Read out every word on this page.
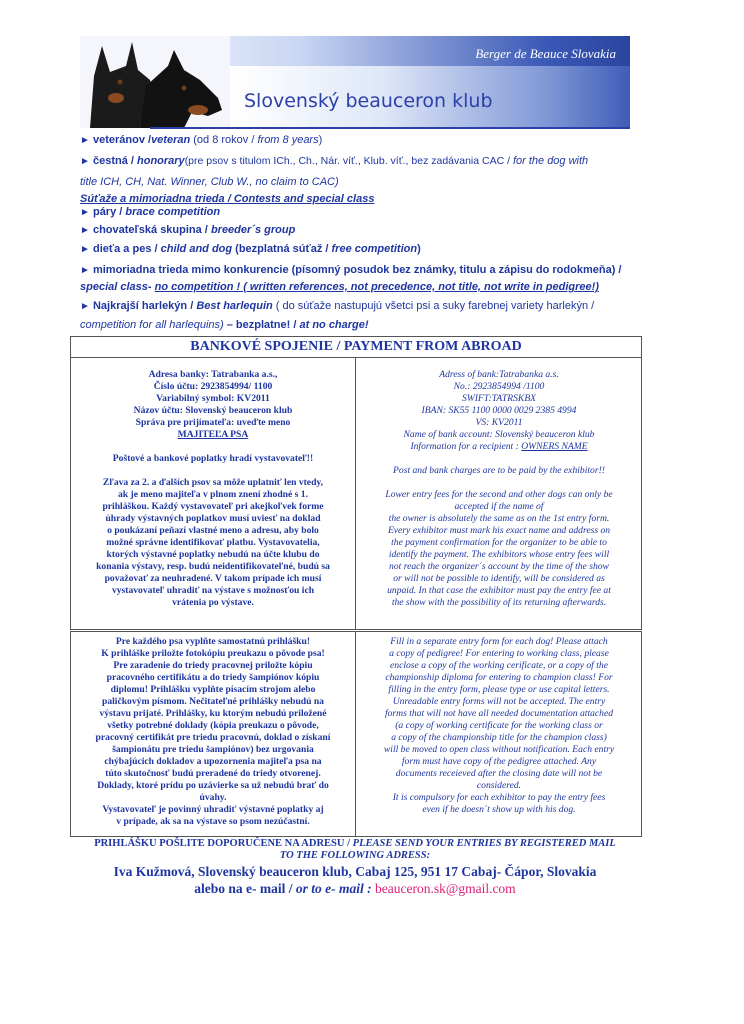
Berger de Beauce Slovakia
Slovenský beauceron klub
► veteránov /veteran (od 8 rokov / from 8 years)
► čestná / honorary(pre psov s titulom ICh., Ch., Nár. víť., Klub. víť., bez zadávania CAC / for the dog with
title ICH, CH, Nat. Winner, Club W., no claim to CAC)
Súťaže a mimoriadna trieda / Contests and special class
► páry / brace competition
► chovateľská skupina / breeder´s group
► dieťa a pes / child and dog (bezplatná súťaž / free competition)
► mimoriadna trieda mimo konkurencie (písomný posudok bez známky, titulu a zápisu do rodokmeňa) /
special class- no competition ! ( written references, not precedence, not title, not write in pedigree!)
► Najkrajší harlekýn / Best harlequin ( do súťaže nastupujú všetci psi a suky farebnej variety harlekýn /
competition for all harlequins) – bezplatne! / at no charge!
BANKOVÉ SPOJENIE / PAYMENT FROM ABROAD

Adresa banky: Tatrabanka a.s.,

Číslo účtu: 2923854994/ 1100

Variabilný symbol: KV2011

Názov účtu: Slovenský beauceron klub

Správa pre prijímateľa: uveďte meno

MAJITEĽA PSA

Poštové a bankové poplatky hradí vystavovateľ!!

Zľava za 2. a ďalších psov sa môže uplatniť len vtedy,

ak je meno majiteľa v plnom znení zhodné s 1.

prihláškou. Každý vystavovateľ pri akejkoľvek forme

úhrady výstavných poplatkov musí uviesť na doklad

o poukázaní peňazí vlastné meno a adresu, aby bolo

možné správne identifikovať platbu. Vystavovatelia,

ktorých výstavné poplatky nebudú na účte klubu do

konania výstavy, resp. budú neidentifikovateľné, budú sa

považovať za neuhradené. V takom prípade ich musí

vystavovateľ uhradiť na výstave s možnosťou ich

vrátenia po výstave.

Adress of bank:Tatrabanka a.s.

No.: 2923854994 /1100

SWIFT:TATRSKBX

IBAN: SK55 1100 0000 0029 2385 4994

VS: KV2011

Name of bank account: Slovenský beauceron klub

Information for a recipient : OWNERS NAME

Post and bank charges are to be paid by the exhibitor!!

Lower entry fees for the second and other dogs can only be

accepted if the name of

the owner is absolutely the same as on the 1st entry form.

Every exhibitor must mark his exact name and address on

the payment confirmation for the organizer to be able to

identify the payment. The exhibitors whose entry fees will

not reach the organizer´s account by the time of the show

or will not be possible to identify, will be considered as

unpaid. In that case the exhibitor must pay the entry fee at

the show with the possibility of its returning afterwards.

Pre každého psa vyplňte samostatnú prihlášku!

K prihláške priložte fotokópiu preukazu o pôvode psa!

Pre zaradenie do triedy pracovnej priložte kópiu

pracovného certifikátu a do triedy šampiónov kópiu

diplomu! Prihlášku vyplňte písacím strojom alebo

paličkovým písmom. Nečitateľné prihlášky nebudú na

výstavu prijaté. Prihlášky, ku ktorým nebudú priložené

všetky potrebné doklady (kópia preukazu o pôvode,

pracovný certifikát pre triedu pracovnú, doklad o získaní

šampionátu pre triedu šampiónov) bez urgovania

chýbajúcich dokladov a upozornenia majiteľa psa na

túto skutočnosť budú preradené do triedy otvorenej.

Doklady, ktoré prídu po uzávierke sa už nebudú brať do

úvahy.

Vystavovateľ je povinný uhradiť výstavné poplatky aj

v prípade, ak sa na výstave so psom nezúčastní.

Fill in a separate entry form for each dog! Please attach

a copy of pedigree! For entering to working class, please

enclose a copy of the working cerificate, or a copy of the

championship diploma for entering to champion class! For

filling in the entry form, please type or use capital letters.

Unreadable entry forms will not be accepted. The entry

forms that will not have all needed documentation attached

(a copy of working certificate for the working class or

a copy of the championship title for the champion class)

will be moved to open class without notification. Each entry

form must have copy of the pedigree attached. Any

documents receieved after the closing date will not be

considered.

It is compulsory for each exhibitor to pay the entry fees

even if he doesn´t show up with his dog.

PRIHLÁŠKU POŠLITE DOPORUČENE NA ADRESU / PLEASE SEND YOUR ENTRIES BY REGISTERED MAIL
TO THE FOLLOWING ADRESS:
Iva Kužmová, Slovenský beauceron klub, Cabaj 125, 951 17 Cabaj- Čápor, Slovakia
alebo na e- mail / or to e- mail : beauceron.sk@gmail.com
